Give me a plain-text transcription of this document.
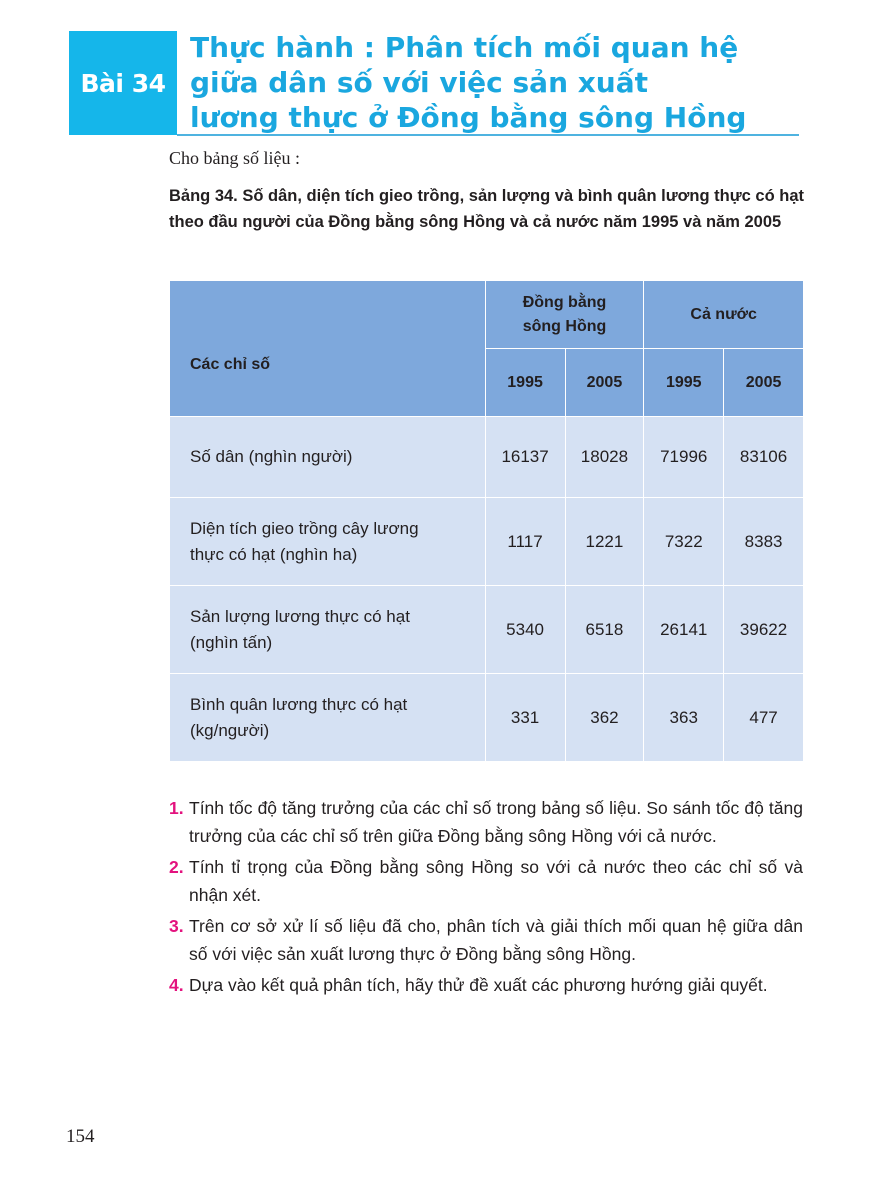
Bài 34
Thực hành : Phân tích mối quan hệ
giữa dân số với việc sản xuất
lương thực ở Đồng bằng sông Hồng
Cho bảng số liệu :
Bảng 34. Số dân, diện tích gieo trồng, sản lượng và bình quân lương thực có hạt theo đầu người của Đồng bằng sông Hồng và cả nước năm 1995 và năm 2005
Các chỉ số	Đồng bằng sông Hồng		Cả nước	
	1995	2005	1995	2005
Số dân (nghìn người)	16137	18028	71996	83106
Diện tích gieo trồng cây lương thực có hạt (nghìn ha)	1117	1221	7322	8383
Sản lượng lương thực có hạt (nghìn tấn)	5340	6518	26141	39622
Bình quân lương thực có hạt (kg/người)	331	362	363	477
1. Tính tốc độ tăng trưởng của các chỉ số trong bảng số liệu. So sánh tốc độ tăng trưởng của các chỉ số trên giữa Đồng bằng sông Hồng với cả nước.
2. Tính tỉ trọng của Đồng bằng sông Hồng so với cả nước theo các chỉ số và nhận xét.
3. Trên cơ sở xử lí số liệu đã cho, phân tích và giải thích mối quan hệ giữa dân số với việc sản xuất lương thực ở Đồng bằng sông Hồng.
4. Dựa vào kết quả phân tích, hãy thử đề xuất các phương hướng giải quyết.
154
